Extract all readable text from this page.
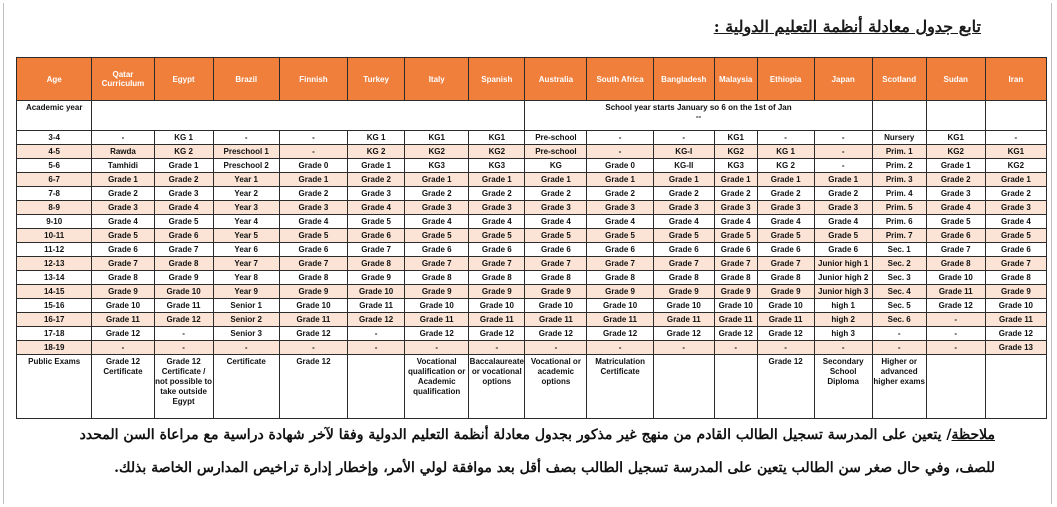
تابع جدول معادلة أنظمة التعليم الدولية :
Age	Qatar Curriculum	Egypt	Brazil	Finnish	Turkey	Italy	Spanish	Australia	South Africa	Bangladesh	Malaysia	Ethiopia	Japan	Scotland	Sudan	Iran
Academic year								School year starts January so 6 on the 1st of Jan
--								

3-4	-	KG 1	-	-	KG 1	KG1	KG1	Pre-school	-	-	KG1	-	-	Nursery	KG1	-
4-5	Rawda	KG 2	Preschool 1	-	KG 2	KG2	KG2	Pre-school	-	KG-I	KG2	KG 1	-	Prim. 1	KG2	KG1
5-6	Tamhidi	Grade 1	Preschool 2	Grade 0	Grade 1	KG3	KG3	KG	Grade 0	KG-II	KG3	KG 2	-	Prim. 2	Grade 1	KG2
6-7	Grade 1	Grade 2	Year 1	Grade 1	Grade 2	Grade 1	Grade 1	Grade 1	Grade 1	Grade 1	Grade 1	Grade 1	Grade 1	Prim. 3	Grade 2	Grade 1
7-8	Grade 2	Grade 3	Year 2	Grade 2	Grade 3	Grade 2	Grade 2	Grade 2	Grade 2	Grade 2	Grade 2	Grade 2	Grade 2	Prim. 4	Grade 3	Grade 2
8-9	Grade 3	Grade 4	Year 3	Grade 3	Grade 4	Grade 3	Grade 3	Grade 3	Grade 3	Grade 3	Grade 3	Grade 3	Grade 3	Prim. 5	Grade 4	Grade 3
9-10	Grade 4	Grade 5	Year 4	Grade 4	Grade 5	Grade 4	Grade 4	Grade 4	Grade 4	Grade 4	Grade 4	Grade 4	Grade 4	Prim. 6	Grade 5	Grade 4
10-11	Grade 5	Grade 6	Year 5	Grade 5	Grade 6	Grade 5	Grade 5	Grade 5	Grade 5	Grade 5	Grade 5	Grade 5	Grade 5	Prim. 7	Grade 6	Grade 5
11-12	Grade 6	Grade 7	Year 6	Grade 6	Grade 7	Grade 6	Grade 6	Grade 6	Grade 6	Grade 6	Grade 6	Grade 6	Grade 6	Sec. 1	Grade 7	Grade 6
12-13	Grade 7	Grade 8	Year 7	Grade 7	Grade 8	Grade 7	Grade 7	Grade 7	Grade 7	Grade 7	Grade 7	Grade 7	Junior high 1	Sec. 2	Grade 8	Grade 7
13-14	Grade 8	Grade 9	Year 8	Grade 8	Grade 9	Grade 8	Grade 8	Grade 8	Grade 8	Grade 8	Grade 8	Grade 8	Junior high 2	Sec. 3	Grade 10	Grade 8
14-15	Grade 9	Grade 10	Year 9	Grade 9	Grade 10	Grade 9	Grade 9	Grade 9	Grade 9	Grade 9	Grade 9	Grade 9	Junior high 3	Sec. 4	Grade 11	Grade 9
15-16	Grade 10	Grade 11	Senior 1	Grade 10	Grade 11	Grade 10	Grade 10	Grade 10	Grade 10	Grade 10	Grade 10	Grade 10	high 1	Sec. 5	Grade 12	Grade 10
16-17	Grade 11	Grade 12	Senior 2	Grade 11	Grade 12	Grade 11	Grade 11	Grade 11	Grade 11	Grade 11	Grade 11	Grade 11	high 2	Sec. 6	-	Grade 11
17-18	Grade 12	-	Senior 3	Grade 12	-	Grade 12	Grade 12	Grade 12	Grade 12	Grade 12	Grade 12	Grade 12	high 3	-	-	Grade 12
18-19	-	-	-	-	-	-	-	-	-	-	-	-	-	-	-	Grade 13
Public Exams	Grade 12 Certificate	Grade 12 Certificate / not possible to take outside Egypt	Certificate	Grade 12		Vocational qualification or Academic qualification	Baccalaureate or vocational options	Vocational or academic options	Matriculation Certificate			Grade 12	Secondary School Diploma	Higher or advanced higher exams		
ملاحظة/ يتعين على المدرسة تسجيل الطالب القادم من منهج غير مذكور بجدول معادلة أنظمة التعليم الدولية وفقا لآخر شهادة دراسية مع مراعاة السن المحدد
للصف، وفي حال صغر سن الطالب يتعين على المدرسة تسجيل الطالب بصف أقل بعد موافقة لولي الأمر، وإخطار إدارة تراخيص المدارس الخاصة بذلك.
